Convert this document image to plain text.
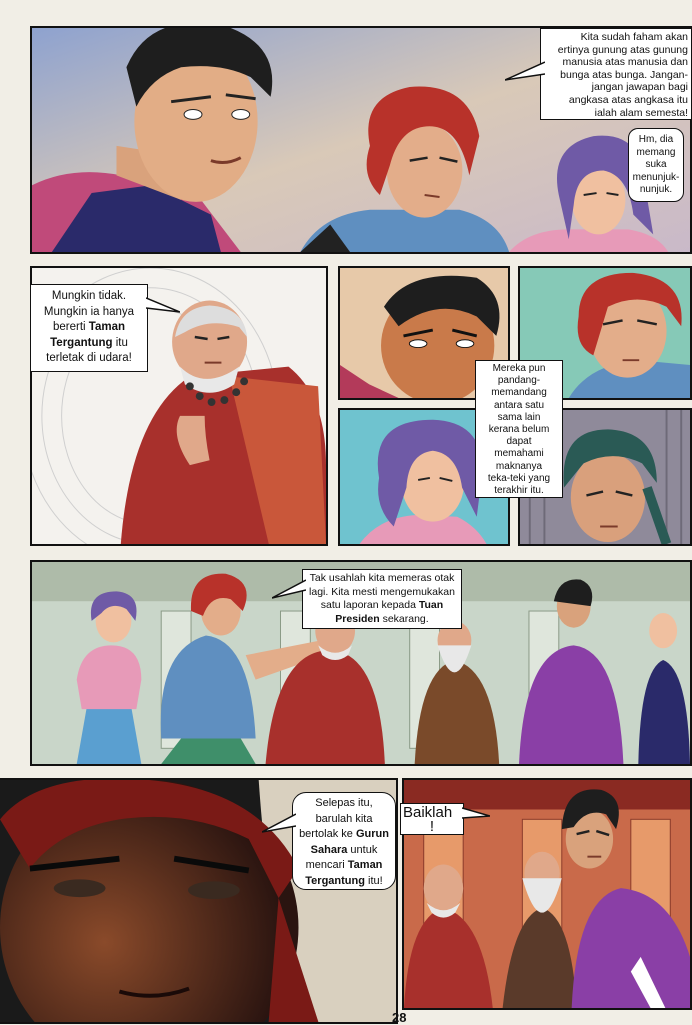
Kita sudah faham akan
ertinya gunung atas gunung
manusia atas manusia dan
bunga atas bunga. Jangan-
jangan jawapan bagi
angkasa atas angkasa itu
ialah alam semesta!
Hm, dia
memang
suka
menunjuk-
nunjuk.
Mungkin tidak.
Mungkin ia hanya
bererti Taman
Tergantung itu
terletak di udara!
Mereka pun
pandang-
memandang
antara satu
sama lain
kerana belum
dapat
memahami
maknanya
teka-teki yang
terakhir itu.
Tak usahlah kita memeras otak
lagi. Kita mesti mengemukakan
satu laporan kepada Tuan
Presiden sekarang.
Selepas itu,
barulah kita
bertolak ke Gurun
Sahara untuk
mencari Taman
Tergantung itu!
Baiklah
!
28
